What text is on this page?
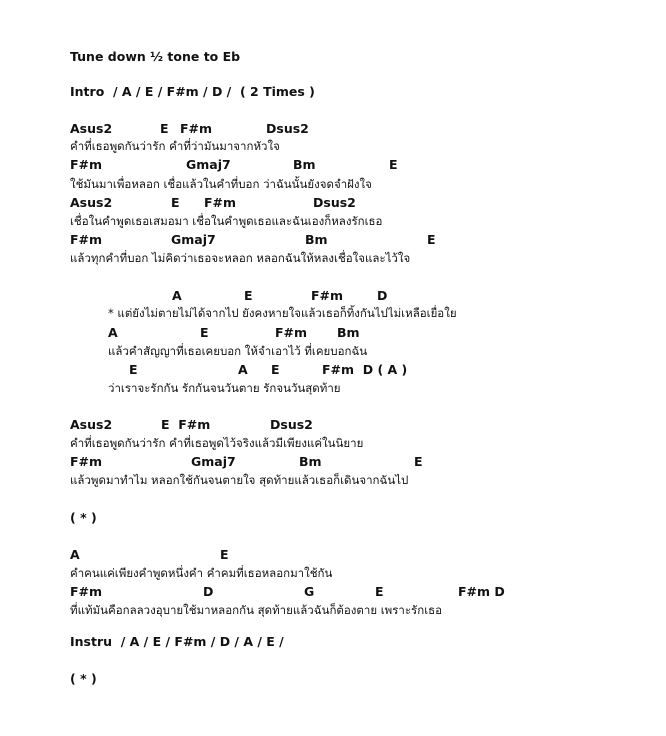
Tune down ½ tone to Eb
Intro  / A / E / F#m / D /  ( 2 Times )

Asus2

	E

F#m

	Dsus2

คำที่เธอพูดกันว่ารัก คำที่ว่ามันมาจากหัวใจ

F#m

	Gmaj7

	Bm

	E

ใช้มันมาเพื่อหลอก เชื่อแล้วในคำที่บอก ว่าฉันนั้นยังจดจำฝังใจ

Asus2

	E

F#m

	Dsus2

เชื่อในคำพูดเธอเสมอมา เชื่อในคำพูดเธอและฉันเองก็หลงรักเธอ

F#m

	Gmaj7

	Bm

	E

แล้วทุกคำที่บอก ไม่คิดว่าเธอจะหลอก หลอกฉันให้หลงเชื่อใจและไว้ใจ

A

	E

	F#m

	D

* แต่ยังไม่ตายไม่ได้จากไป ยังคงหายใจแล้วเธอก็ทิ้งกันไปไม่เหลือเยื่อใย

A

	E

	F#m

Bm

แล้วคำสัญญาที่เธอเคยบอก ให้จำเอาไว้ ที่เคยบอกฉัน

E

	A

E

	F#m  D ( A )

ว่าเราจะรักกัน รักกันจนวันตาย รักจนวันสุดท้าย

Asus2

	E  F#m

	Dsus2

คำที่เธอพูดกันว่ารัก คำที่เธอพูดไว้จริงแล้วมีเพียงแค่ในนิยาย

F#m

	Gmaj7

	Bm

	E

แล้วพูดมาทำไม หลอกใช้กันจนตายใจ สุดท้ายแล้วเธอก็เดินจากฉันไป
( * )

A

	E

คำคนแค่เพียงคำพูดหนึ่งคำ คำคมที่เธอหลอกมาใช้กัน

F#m

	D

	G

	E

	F#m D

ที่แท้มันคือกลลวงอุบายใช้มาหลอกกัน สุดท้ายแล้วฉันก็ต้องตาย เพราะรักเธอ
Instru  / A / E / F#m / D / A / E /
( * )
